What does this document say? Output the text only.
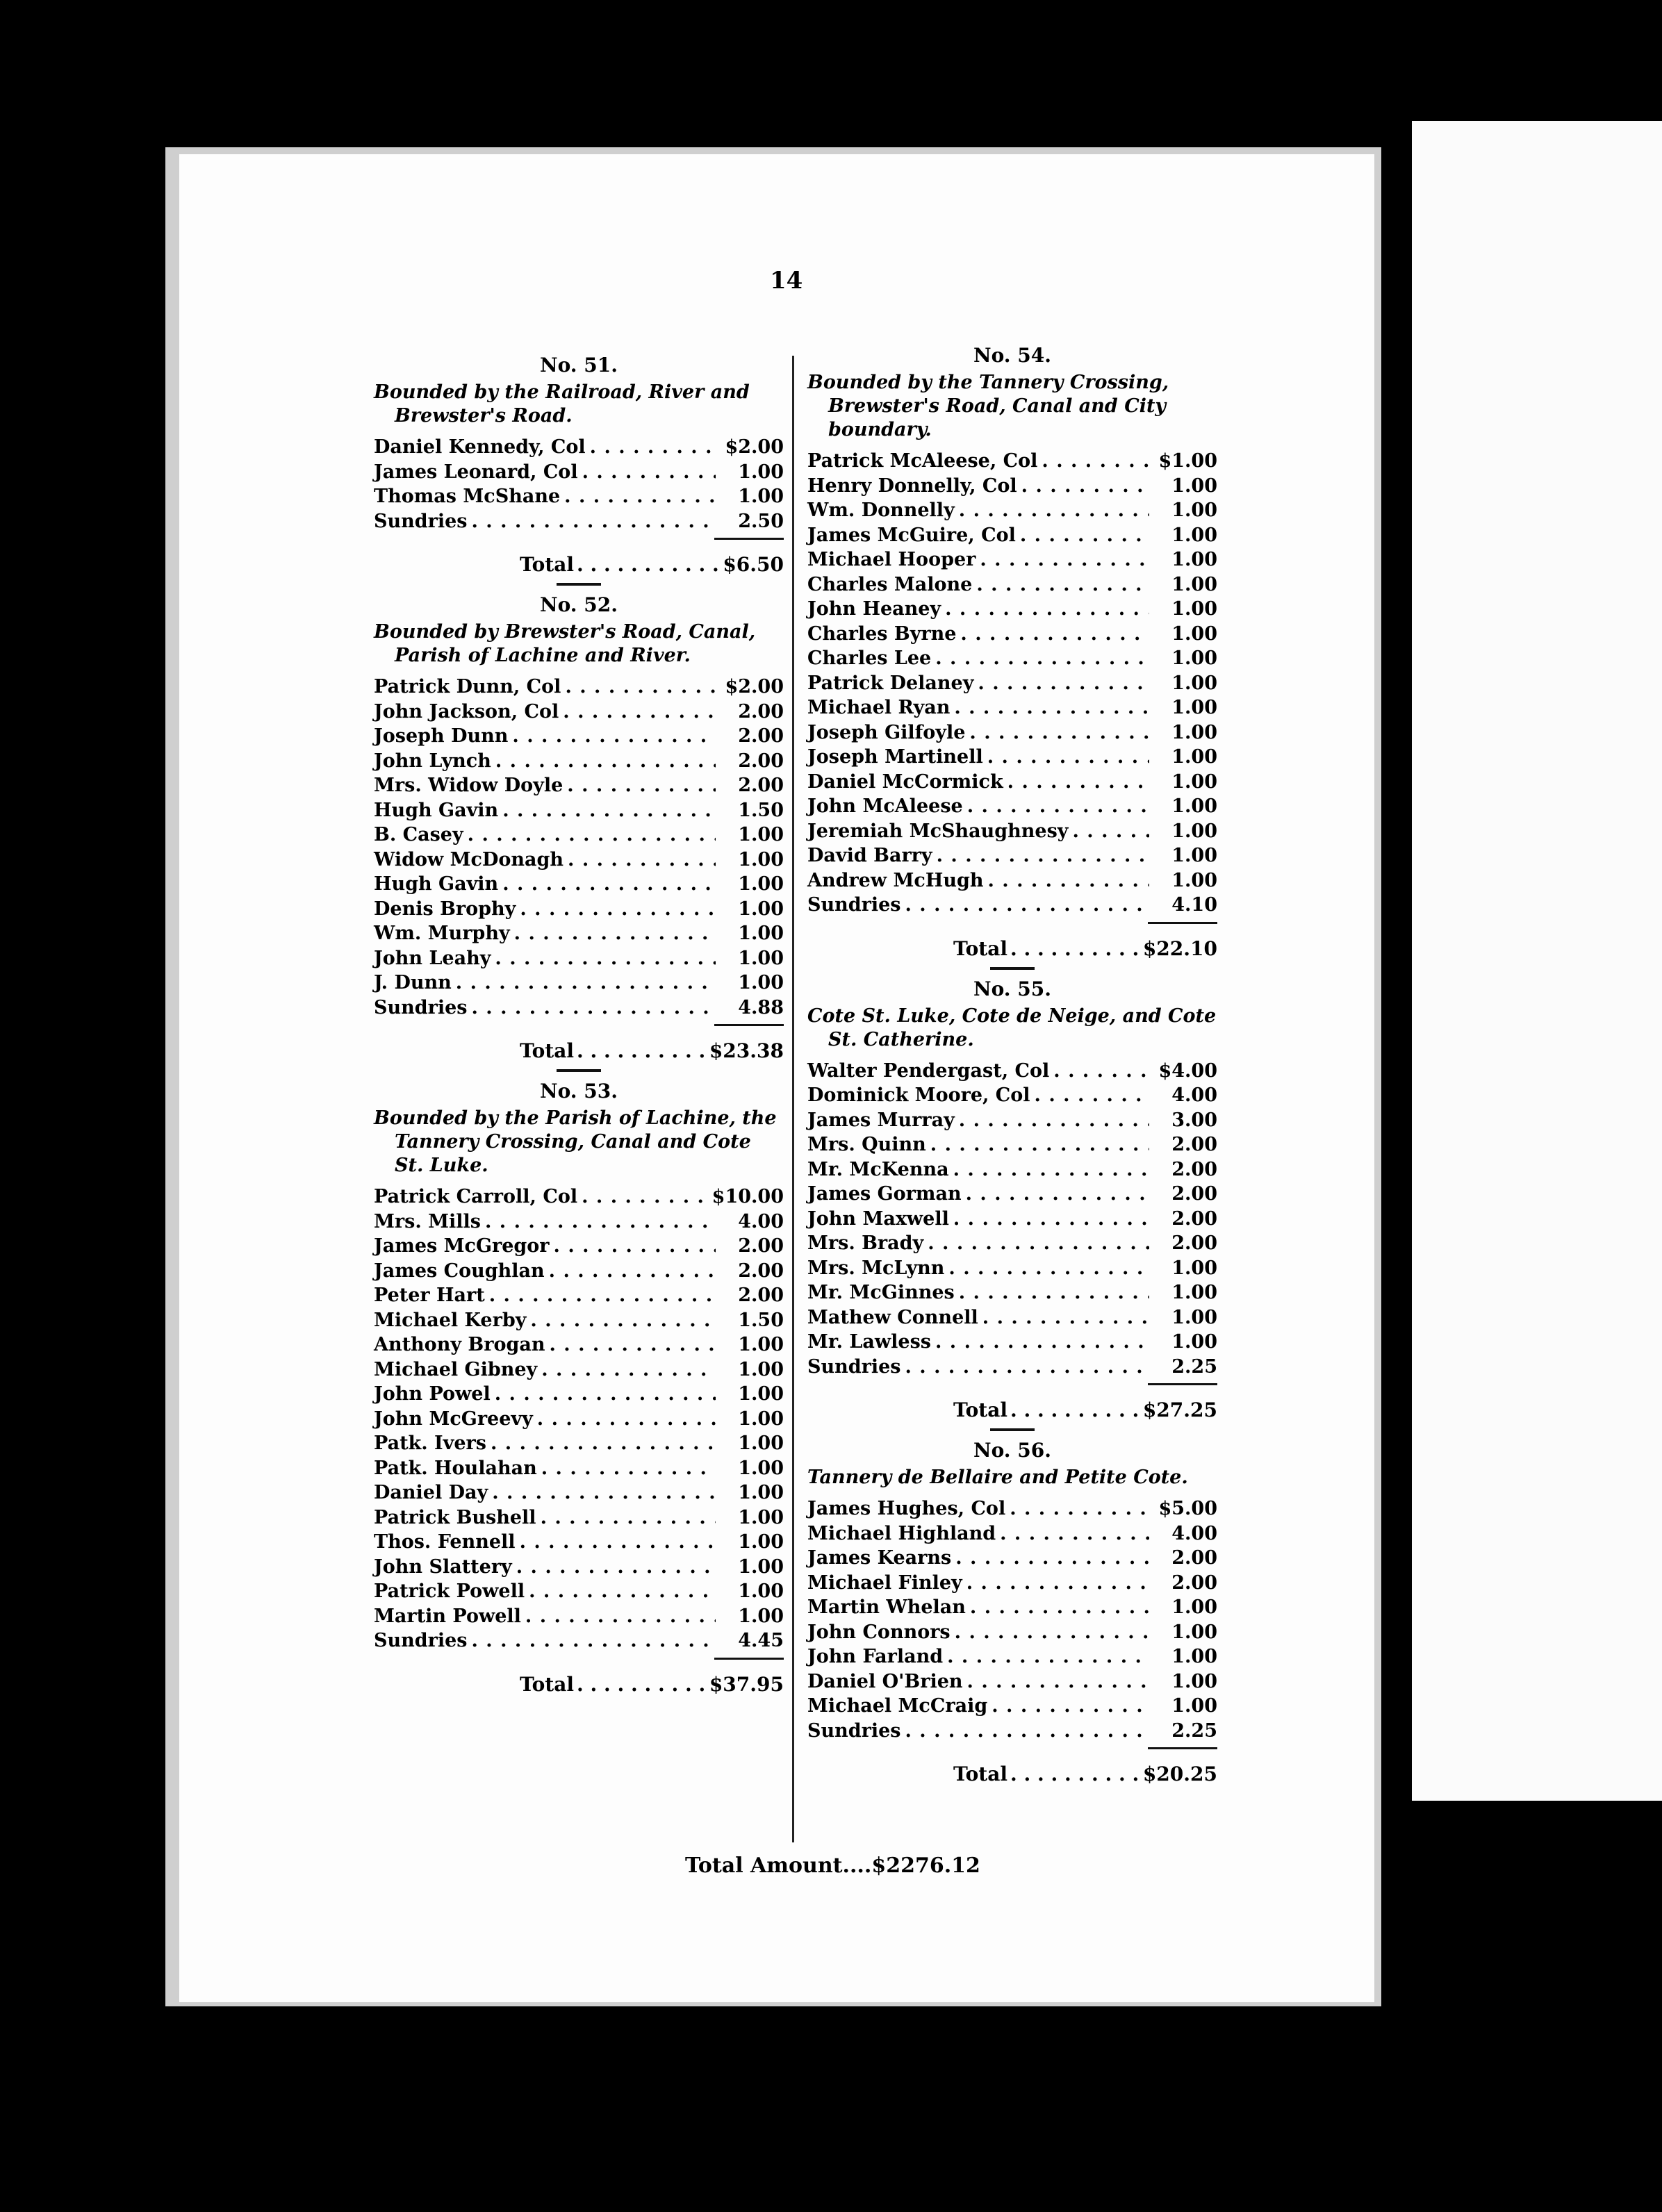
14

No. 51.

Bounded by the Railroad, River and Brewster's Road.

Daniel Kennedy, Col . . .	$2.00
James Leonard, Col . . .	1.00
Thomas McShane . . .	1.00
Sundries . . .	2.50
Total . . .	$6.50

No. 52.

Bounded by Brewster's Road, Canal, Parish of Lachine and River.

Patrick Dunn, Col . . .	$2.00
John Jackson, Col . . .	2.00
Joseph Dunn . . .	2.00
John Lynch . . .	2.00
Mrs. Widow Doyle . . .	2.00
Hugh Gavin . . .	1.50
B. Casey . . .	1.00
Widow McDonagh . . .	1.00
Hugh Gavin . . .	1.00
Denis Brophy . . .	1.00
Wm. Murphy . . .	1.00
John Leahy . . .	1.00
J. Dunn . . .	1.00
Sundries . . .	4.88
Total . . .	$23.38

No. 53.

Bounded by the Parish of Lachine, the Tannery Crossing, Canal and Cote St. Luke.

Patrick Carroll, Col . . .	$10.00
Mrs. Mills . . .	4.00
James McGregor . . .	2.00
James Coughlan . . .	2.00
Peter Hart . . .	2.00
Michael Kerby . . .	1.50
Anthony Brogan . . .	1.00
Michael Gibney . . .	1.00
John Powel . . .	1.00
John McGreevy . . .	1.00
Patk. Ivers . . .	1.00
Patk. Houlahan . . .	1.00
Daniel Day . . .	1.00
Patrick Bushell . . .	1.00
Thos. Fennell . . .	1.00
John Slattery . . .	1.00
Patrick Powell . . .	1.00
Martin Powell . . .	1.00
Sundries . . .	4.45
Total . . .	$37.95

No. 54.

Bounded by the Tannery Crossing, Brewster's Road, Canal and City boundary.

Patrick McAleese, Col . . .	$1.00
Henry Donnelly, Col . . .	1.00
Wm. Donnelly . . .	1.00
James McGuire, Col . . .	1.00
Michael Hooper . . .	1.00
Charles Malone . . .	1.00
John Heaney . . .	1.00
Charles Byrne . . .	1.00
Charles Lee . . .	1.00
Patrick Delaney . . .	1.00
Michael Ryan . . .	1.00
Joseph Gilfoyle . . .	1.00
Joseph Martinell . . .	1.00
Daniel McCormick . . .	1.00
John McAleese . . .	1.00
Jeremiah McShaughnesy . . .	1.00
David Barry . . .	1.00
Andrew McHugh . . .	1.00
Sundries . . .	4.10
Total . . .	$22.10

No. 55.

Cote St. Luke, Cote de Neige, and Cote St. Catherine.

Walter Pendergast, Col . . .	$4.00
Dominick Moore, Col . . .	4.00
James Murray . . .	3.00
Mrs. Quinn . . .	2.00
Mr. McKenna . . .	2.00
James Gorman . . .	2.00
John Maxwell . . .	2.00
Mrs. Brady . . .	2.00
Mrs. McLynn . . .	1.00
Mr. McGinnes . . .	1.00
Mathew Connell . . .	1.00
Mr. Lawless . . .	1.00
Sundries . . .	2.25
Total . . .	$27.25

No. 56.

Tannery de Bellaire and Petite Cote.

James Hughes, Col . . .	$5.00
Michael Highland . . .	4.00
James Kearns . . .	2.00
Michael Finley . . .	2.00
Martin Whelan . . .	1.00
John Connors . . .	1.00
John Farland . . .	1.00
Daniel O'Brien . . .	1.00
Michael McCraig . . .	1.00
Sundries . . .	2.25
Total . . .	$20.25
Total Amount....$2276.12
